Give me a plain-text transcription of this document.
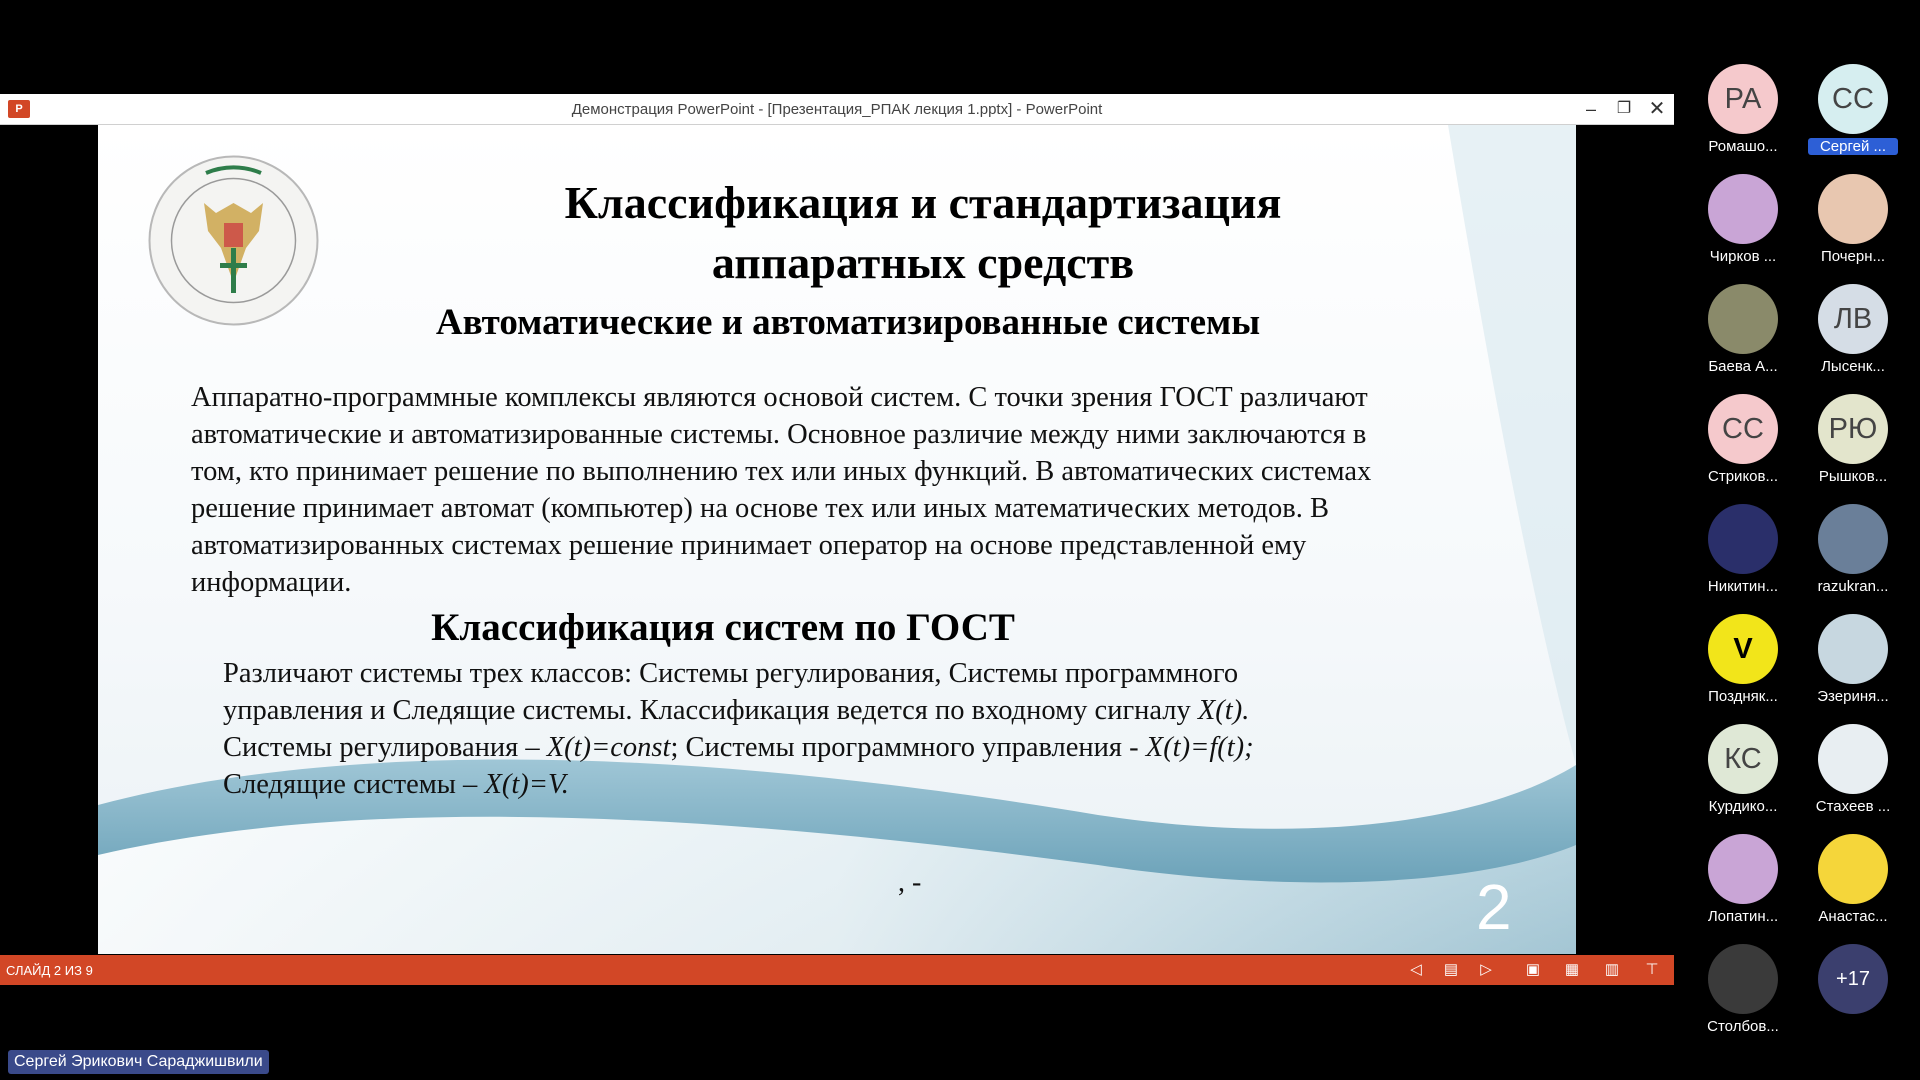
P	Демонстрация PowerPoint - [Презентация_РПАК лекция 1.pptx] - PowerPoint	–	❐ ✕
Классификация и стандартизация
аппаратных средств
Автоматические и автоматизированные системы
Аппаратно-программные комплексы являются основой систем. С точки зрения ГОСТ различают
автоматические и автоматизированные системы. Основное различие между ними заключаются в
том, кто принимает решение по выполнению тех или иных функций. В автоматических системах
решение принимает автомат (компьютер) на основе тех или иных математических методов. В
автоматизированных системах решение принимает оператор на основе представленной ему
информации.
Классификация систем по ГОСТ
Различают системы трех классов: Системы регулирования, Системы программного
управления и Следящие системы. Классификация ведется по входному сигналу X(t).
Системы регулирования – X(t)=const; Системы программного управления - X(t)=f(t);
Следящие системы – X(t)=V.
, -	2
СЛАЙД 2 ИЗ 9	◁	▤	▷	▣ ▦ ▥ ⊤
РА
Ромашо...
СС
Сергей ...
Чирков ...	Почерн...
Баева А...
ЛВ
Лысенк...
СС
Стриков...
РЮ
Рышков...
Никитин...	razukran...
V
Поздняк...	Эзериня...
КС
Курдико...	Стахеев ...
Лопатин...	Анастас...
Столбов...
+17
Сергей Эрикович Сараджишвили
